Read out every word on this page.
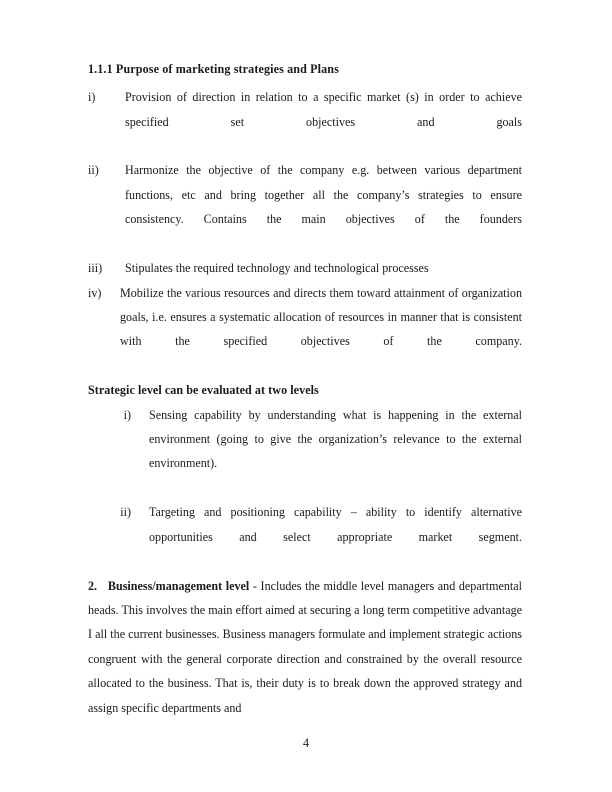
1.1.1 Purpose of marketing strategies and Plans
i) Provision of direction in relation to a specific market (s) in order to achieve specified set objectives and goals
ii) Harmonize the objective of the company e.g. between various department functions, etc and bring together all the company’s strategies to ensure consistency. Contains the main objectives of the founders
iii) Stipulates the required technology and technological processes
iv) Mobilize the various resources and directs them toward attainment of organization goals, i.e. ensures a systematic allocation of resources in manner that is consistent with the specified objectives of the company.
Strategic level can be evaluated at two levels
i) Sensing capability by understanding what is happening in the external environment (going to give the organization’s relevance to the external environment).
ii) Targeting and positioning capability – ability to identify alternative opportunities and select appropriate market segment.

2. Business/management level - Includes the middle level managers and departmental heads. This involves the main effort aimed at securing a long term competitive advantage I all the current businesses. Business managers formulate and implement strategic actions congruent with the general corporate direction and constrained by the overall resource allocated to the business. That is, their duty is to break down the approved strategy and assign specific departments and

4
